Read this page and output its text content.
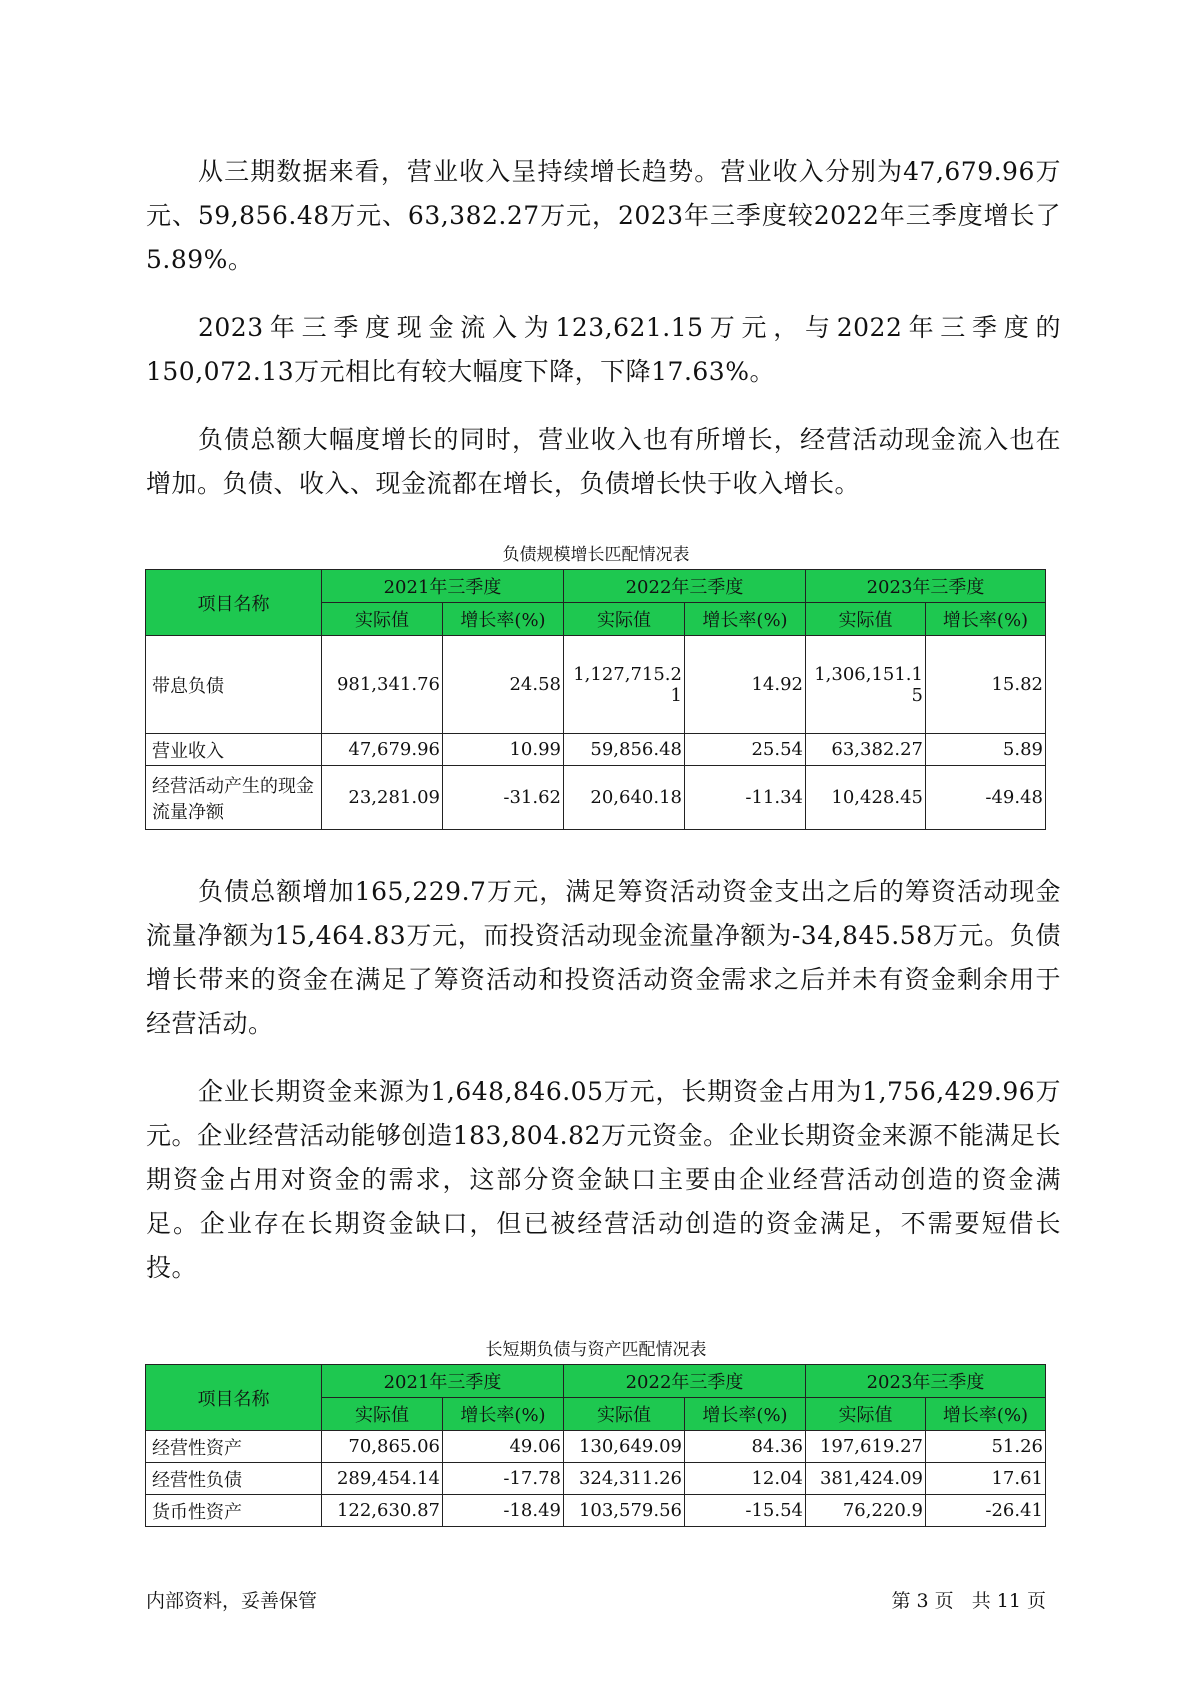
从三期数据来看，营业收入呈持续增长趋势。营业收入分别为47,679.96万元、59,856.48万元、63,382.27万元，2023年三季度较2022年三季度增长了5.89%。

2023年三季度现金流入为123,621.15万元，与2022年三季度的150,072.13万元相比有较大幅度下降，下降17.63%。

负债总额大幅度增长的同时，营业收入也有所增长，经营活动现金流入也在增加。负债、收入、现金流都在增长，负债增长快于收入增长。

负债规模增长匹配情况表
项目名称	2021年三季度		2022年三季度		2023年三季度	
	实际值	增长率(%)	实际值	增长率(%)	实际值	增长率(%)
带息负债	981,341.76	24.58	1,127,715.21	14.92	1,306,151.15	15.82
营业收入	47,679.96	10.99	59,856.48	25.54	63,382.27	5.89
经营活动产生的现金流量净额	23,281.09	-31.62	20,640.18	-11.34	10,428.45	-49.48

负债总额增加165,229.7万元，满足筹资活动资金支出之后的筹资活动现金流量净额为15,464.83万元，而投资活动现金流量净额为-34,845.58万元。负债增长带来的资金在满足了筹资活动和投资活动资金需求之后并未有资金剩余用于经营活动。

企业长期资金来源为1,648,846.05万元，长期资金占用为1,756,429.96万元。企业经营活动能够创造183,804.82万元资金。企业长期资金来源不能满足长期资金占用对资金的需求，这部分资金缺口主要由企业经营活动创造的资金满足。企业存在长期资金缺口，但已被经营活动创造的资金满足，不需要短借长投。

长短期负债与资产匹配情况表
项目名称	2021年三季度		2022年三季度		2023年三季度	
	实际值	增长率(%)	实际值	增长率(%)	实际值	增长率(%)
经营性资产	70,865.06	49.06	130,649.09	84.36	197,619.27	51.26
经营性负债	289,454.14	-17.78	324,311.26	12.04	381,424.09	17.61
货币性资产	122,630.87	-18.49	103,579.56	-15.54	76,220.9	-26.41
内部资料，妥善保管	第 3 页   共 11 页
